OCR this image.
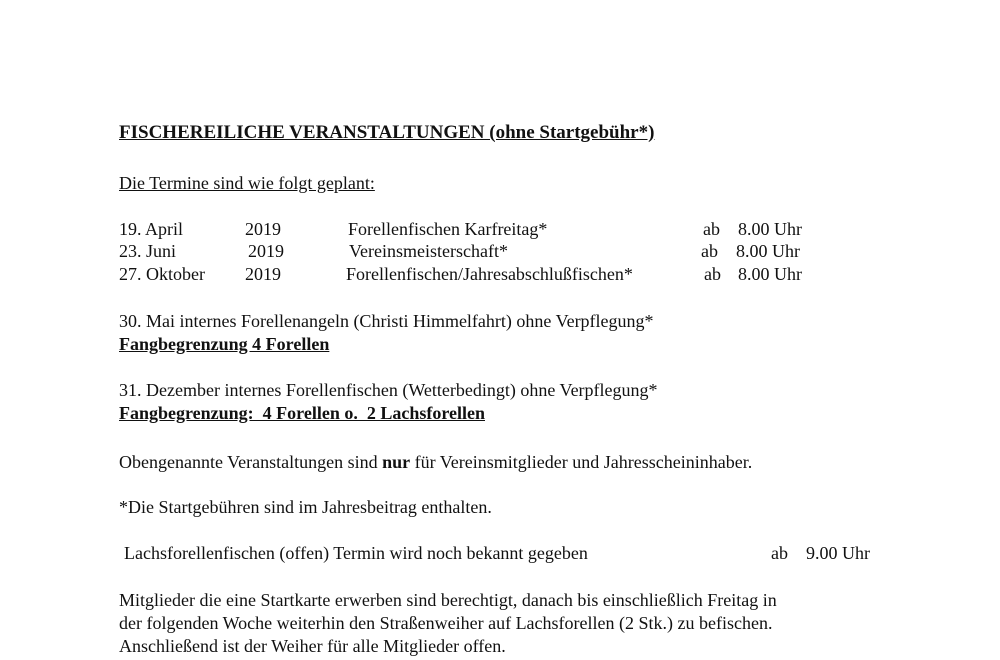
FISCHEREILICHE VERANSTALTUNGEN (ohne Startgebühr*)
Die Termine sind wie folgt geplant:
19. April	2019	Forellenfischen Karfreitag*	ab 8.00 Uhr
23. Juni	2019	Vereinsmeisterschaft*	ab 8.00 Uhr
27. Oktober 2019	Forellenfischen/Jahresabschlußfischen*	ab 8.00 Uhr
30. Mai internes Forellenangeln (Christi Himmelfahrt) ohne Verpflegung*
Fangbegrenzung 4 Forellen
31. Dezember internes Forellenfischen (Wetterbedingt) ohne Verpflegung*
Fangbegrenzung:  4 Forellen o.  2 Lachsforellen
Obengenannte Veranstaltungen sind nur für Vereinsmitglieder und Jahresscheininhaber.
*Die Startgebühren sind im Jahresbeitrag enthalten.
Lachsforellenfischen (offen) Termin wird noch bekannt gegeben	ab 9.00 Uhr
Mitglieder die eine Startkarte erwerben sind berechtigt, danach bis einschließlich Freitag in
der folgenden Woche weiterhin den Straßenweiher auf Lachsforellen (2 Stk.) zu befischen.
Anschließend ist der Weiher für alle Mitglieder offen.
